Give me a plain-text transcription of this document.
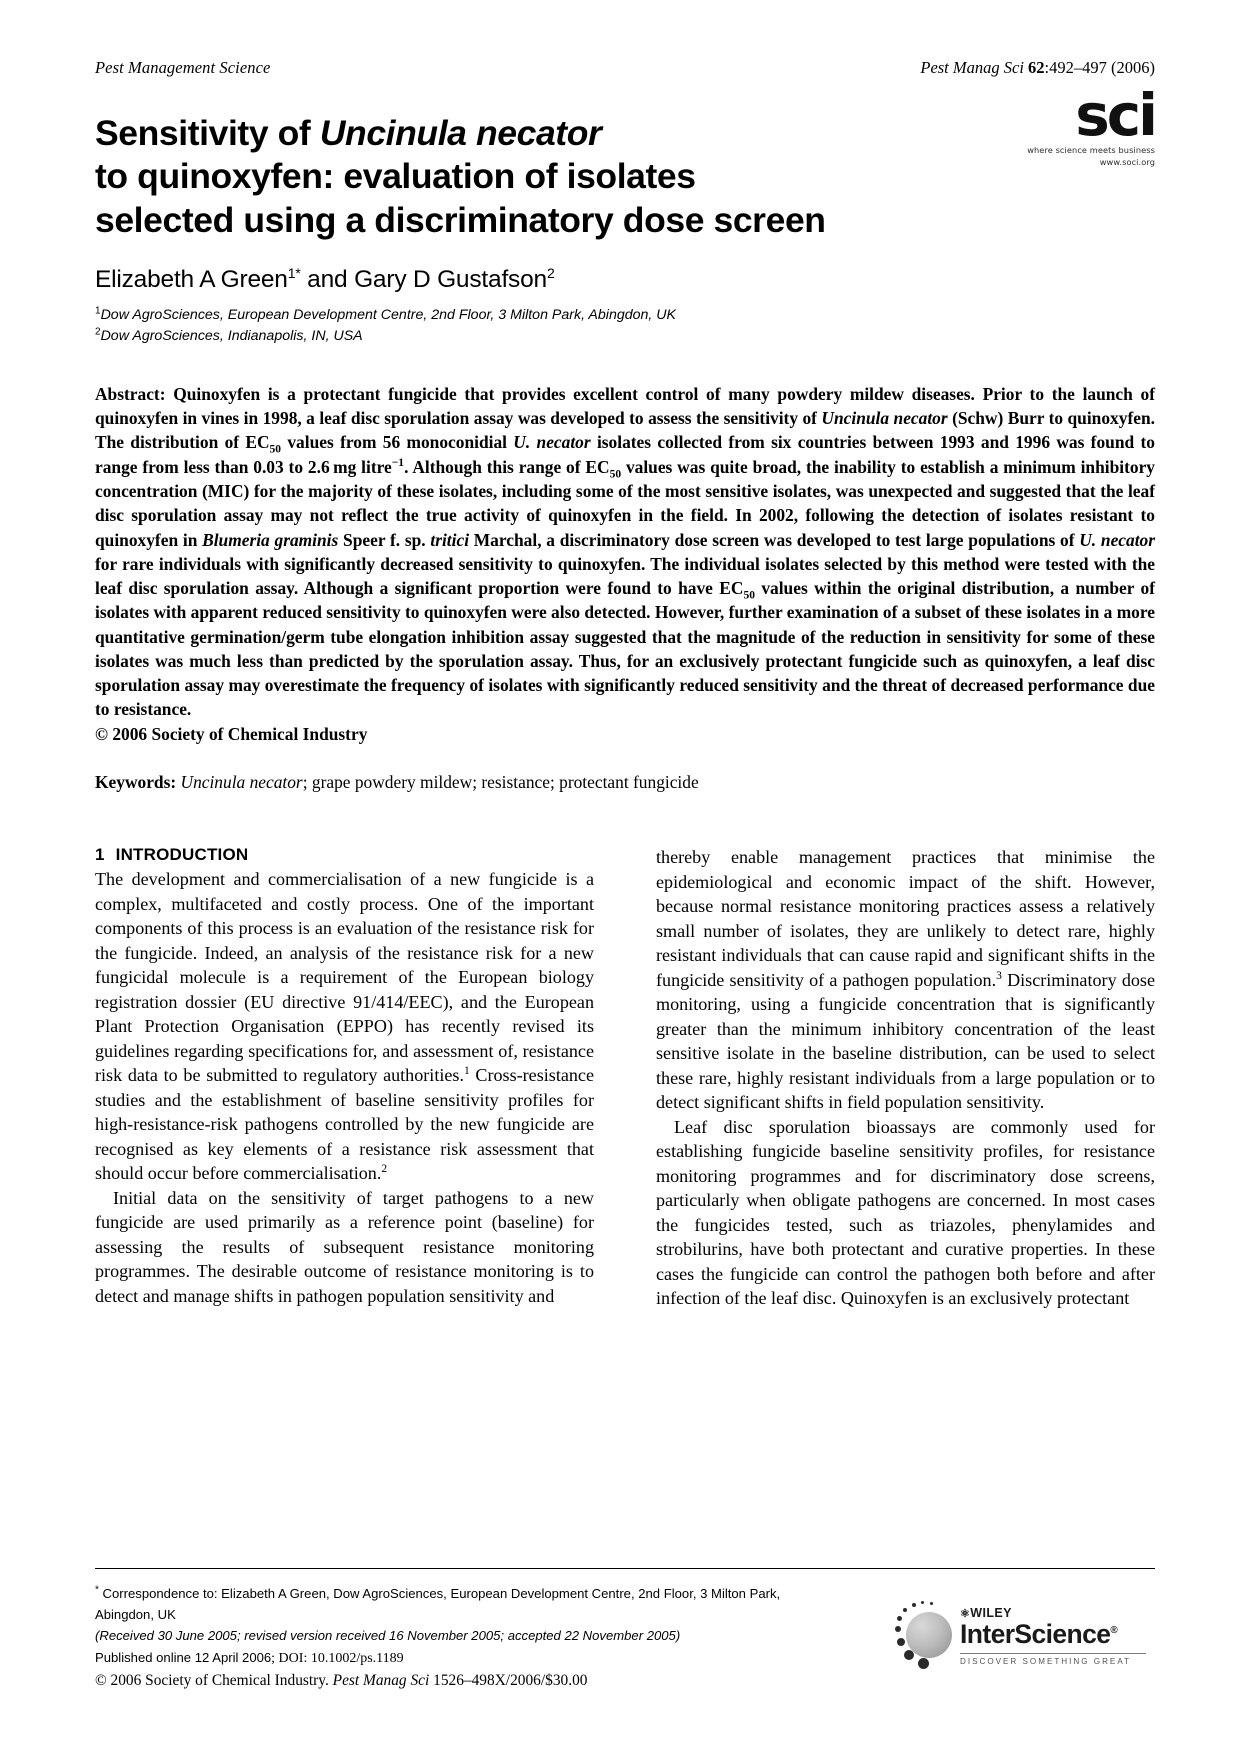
Pest Management Science	Pest Manag Sci 62:492–497 (2006)
sci
where science meets business
www.soci.org
Sensitivity of Uncinula necator
to quinoxyfen: evaluation of isolates
selected using a discriminatory dose screen
Elizabeth A Green$^{1*}$ and Gary D Gustafson$^2$
$^1$Dow AgroSciences, European Development Centre, 2nd Floor, 3 Milton Park, Abingdon, UK
$^2$Dow AgroSciences, Indianapolis, IN, USA
Abstract: Quinoxyfen is a protectant fungicide that provides excellent control of many powdery mildew diseases. Prior to the launch of quinoxyfen in vines in 1998, a leaf disc sporulation assay was developed to assess the sensitivity of Uncinula necator (Schw) Burr to quinoxyfen. The distribution of $EC_{50}$ values from 56 monoconidial U. necator isolates collected from six countries between 1993 and 1996 was found to range from less than 0.03 to 2.6 mg litre$^{-1}$. Although this range of $EC_{50}$ values was quite broad, the inability to establish a minimum inhibitory concentration (MIC) for the majority of these isolates, including some of the most sensitive isolates, was unexpected and suggested that the leaf disc sporulation assay may not reflect the true activity of quinoxyfen in the field. In 2002, following the detection of isolates resistant to quinoxyfen in Blumeria graminis Speer f. sp. tritici Marchal, a discriminatory dose screen was developed to test large populations of U. necator for rare individuals with significantly decreased sensitivity to quinoxyfen. The individual isolates selected by this method were tested with the leaf disc sporulation assay. Although a significant proportion were found to have $EC_{50}$ values within the original distribution, a number of isolates with apparent reduced sensitivity to quinoxyfen were also detected. However, further examination of a subset of these isolates in a more quantitative germination/germ tube elongation inhibition assay suggested that the magnitude of the reduction in sensitivity for some of these isolates was much less than predicted by the sporulation assay. Thus, for an exclusively protectant fungicide such as quinoxyfen, a leaf disc sporulation assay may overestimate the frequency of isolates with significantly reduced sensitivity and the threat of decreased performance due to resistance.
© 2006 Society of Chemical Industry
Keywords: Uncinula necator; grape powdery mildew; resistance; protectant fungicide
1 INTRODUCTION

The development and commercialisation of a new fungicide is a complex, multifaceted and costly process. One of the important components of this process is an evaluation of the resistance risk for the fungicide. Indeed, an analysis of the resistance risk for a new fungicidal molecule is a requirement of the European biology registration dossier (EU directive 91/414/EEC), and the European Plant Protection Organisation (EPPO) has recently revised its guidelines regarding specifications for, and assessment of, resistance risk data to be submitted to regulatory authorities.$^1$ Cross-resistance studies and the establishment of baseline sensitivity profiles for high-resistance-risk pathogens controlled by the new fungicide are recognised as key elements of a resistance risk assessment that should occur before commercialisation.$^2$

Initial data on the sensitivity of target pathogens to a new fungicide are used primarily as a reference point (baseline) for assessing the results of subsequent resistance monitoring programmes. The desirable outcome of resistance monitoring is to detect and manage shifts in pathogen population sensitivity and

thereby enable management practices that minimise the epidemiological and economic impact of the shift. However, because normal resistance monitoring practices assess a relatively small number of isolates, they are unlikely to detect rare, highly resistant individuals that can cause rapid and significant shifts in the fungicide sensitivity of a pathogen population.$^3$ Discriminatory dose monitoring, using a fungicide concentration that is significantly greater than the minimum inhibitory concentration of the least sensitive isolate in the baseline distribution, can be used to select these rare, highly resistant individuals from a large population or to detect significant shifts in field population sensitivity.

Leaf disc sporulation bioassays are commonly used for establishing fungicide baseline sensitivity profiles, for resistance monitoring programmes and for discriminatory dose screens, particularly when obligate pathogens are concerned. In most cases the fungicides tested, such as triazoles, phenylamides and strobilurins, have both protectant and curative properties. In these cases the fungicide can control the pathogen both before and after infection of the leaf disc. Quinoxyfen is an exclusively protectant

* Correspondence to: Elizabeth A Green, Dow AgroSciences, European Development Centre, 2nd Floor, 3 Milton Park, Abingdon, UK
(Received 30 June 2005; revised version received 16 November 2005; accepted 22 November 2005)
Published online 12 April 2006; DOI: 10.1002/ps.1189
© 2006 Society of Chemical Industry. Pest Manag Sci 1526–498X/2006/$30.00
⚛WILEY
InterScience®
DISCOVER SOMETHING GREAT
